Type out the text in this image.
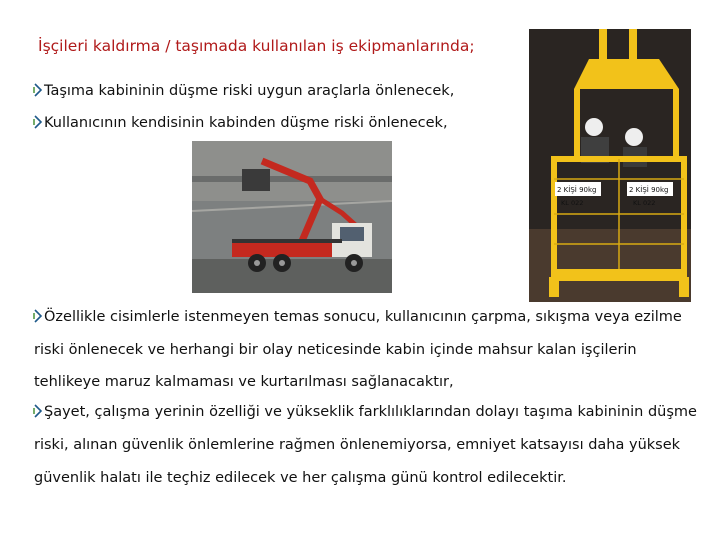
İşçileri kaldırma / taşımada kullanılan iş ekipmanlarında;
Taşıma kabininin düşme riski uygun araçlarla önlenecek,
Kullanıcının kendisinin kabinden düşme riski önlenecek,
2 KİŞİ 90kg
KL 022
2 KİŞİ 90kg
KL 022
Özellikle cisimlerle istenmeyen temas sonucu, kullanıcının çarpma, sıkışma veya ezilme
riski önlenecek ve herhangi bir olay neticesinde kabin içinde mahsur kalan işçilerin
tehlikeye maruz kalmaması ve kurtarılması sağlanacaktır,
Şayet, çalışma yerinin özelliği ve yükseklik farklılıklarından dolayı taşıma kabininin düşme
riski, alınan güvenlik önlemlerine rağmen önlenemiyorsa, emniyet katsayısı daha yüksek
güvenlik halatı ile teçhiz edilecek ve her çalışma günü kontrol edilecektir.
